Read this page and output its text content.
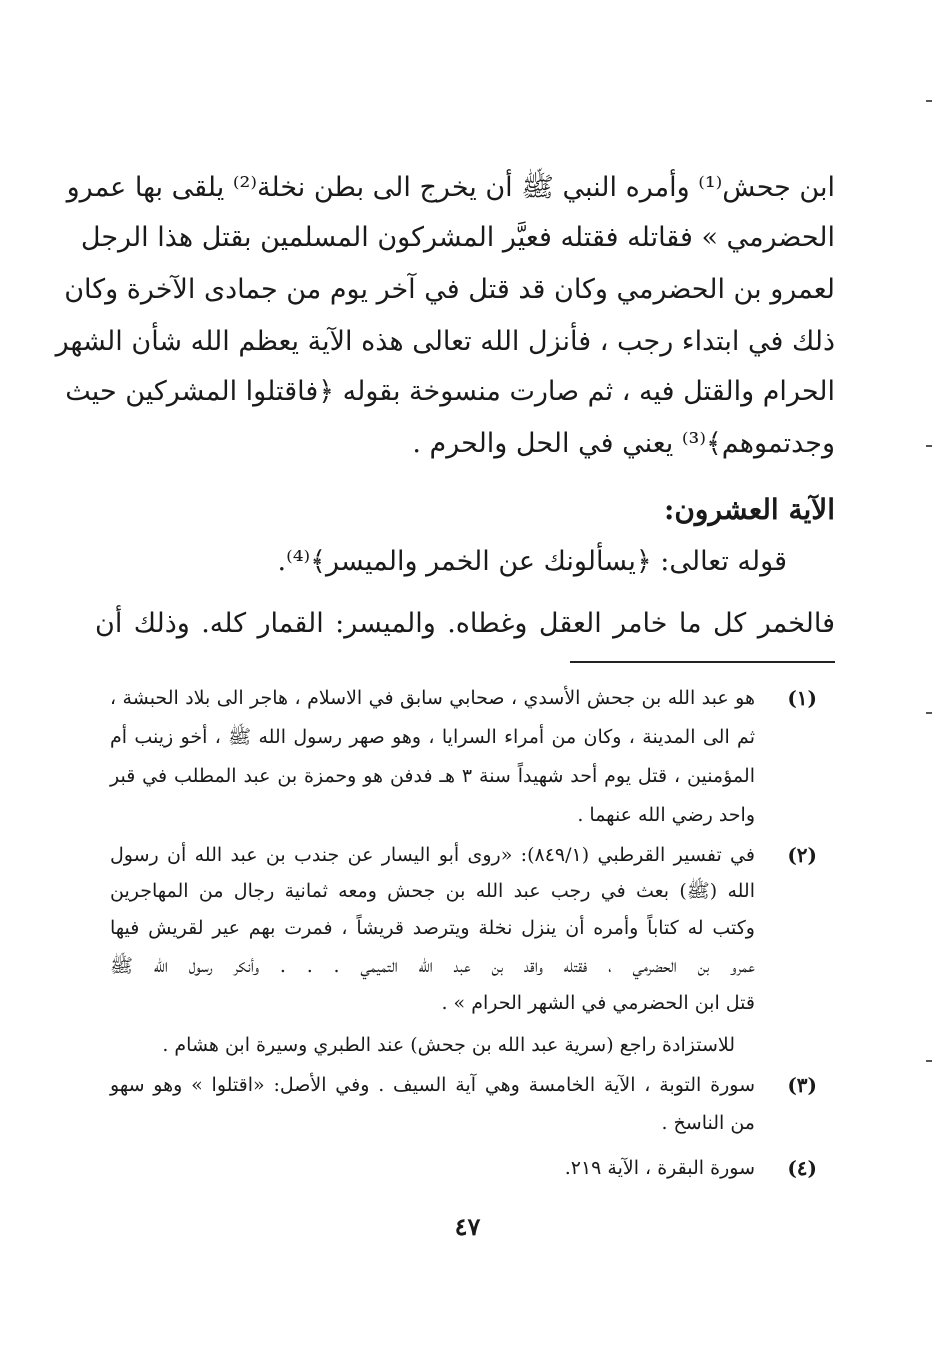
ابن جحش⁽¹⁾ وأمره النبي ﷺ أن يخرج الى بطن نخلة⁽²⁾ يلقى بها عمرو
الحضرمي » فقاتله فقتله فعيَّر المشركون المسلمين بقتل هذا الرجل
لعمرو بن الحضرمي وكان قد قتل في آخر يوم من جمادى الآخرة وكان
ذلك في ابتداء رجب ، فأنزل الله تعالى هذه الآية يعظم الله شأن الشهر
الحرام والقتل فيه ، ثم صارت منسوخة بقوله ﴿فاقتلوا المشركين حيث
وجدتموهم﴾⁽³⁾ يعني في الحل والحرم .
الآية العشرون:
قوله تعالى: ﴿يسألونك عن الخمر والميسر﴾⁽⁴⁾.
فالخمر كل ما خامر العقل وغطاه. والميسر: القمار كله. وذلك أن
(١)
هو عبد الله بن جحش الأسدي ، صحابي سابق في الاسلام ، هاجر الى بلاد الحبشة ،
ثم الى المدينة ، وكان من أمراء السرايا ، وهو صهر رسول الله ﷺ ، أخو زينب أم
المؤمنين ، قتل يوم أحد شهيداً سنة ٣ هـ فدفن هو وحمزة بن عبد المطلب في قبر
واحد رضي الله عنهما .
(٢)
في تفسير القرطبي (٨٤٩/١): «روى أبو اليسار عن جندب بن عبد الله أن رسول
الله (ﷺ) بعث في رجب عبد الله بن جحش ومعه ثمانية رجال من المهاجرين
وكتب له كتاباً وأمره أن ينزل نخلة ويترصد قريشاً ، فمرت بهم عير لقريش فيها
عمرو بن الحضرمي ، فقتله واقد بن عبد الله التميمي . . . وأنكر رسول الله ﷺ
قتل ابن الحضرمي في الشهر الحرام » .
للاستزادة راجع (سرية عبد الله بن جحش) عند الطبري وسيرة ابن هشام .
(٣)
سورة التوبة ، الآية الخامسة وهي آية السيف . وفي الأصل: «اقتلوا » وهو سهو
من الناسخ .
(٤)
سورة البقرة ، الآية ٢١٩.
٤٧
